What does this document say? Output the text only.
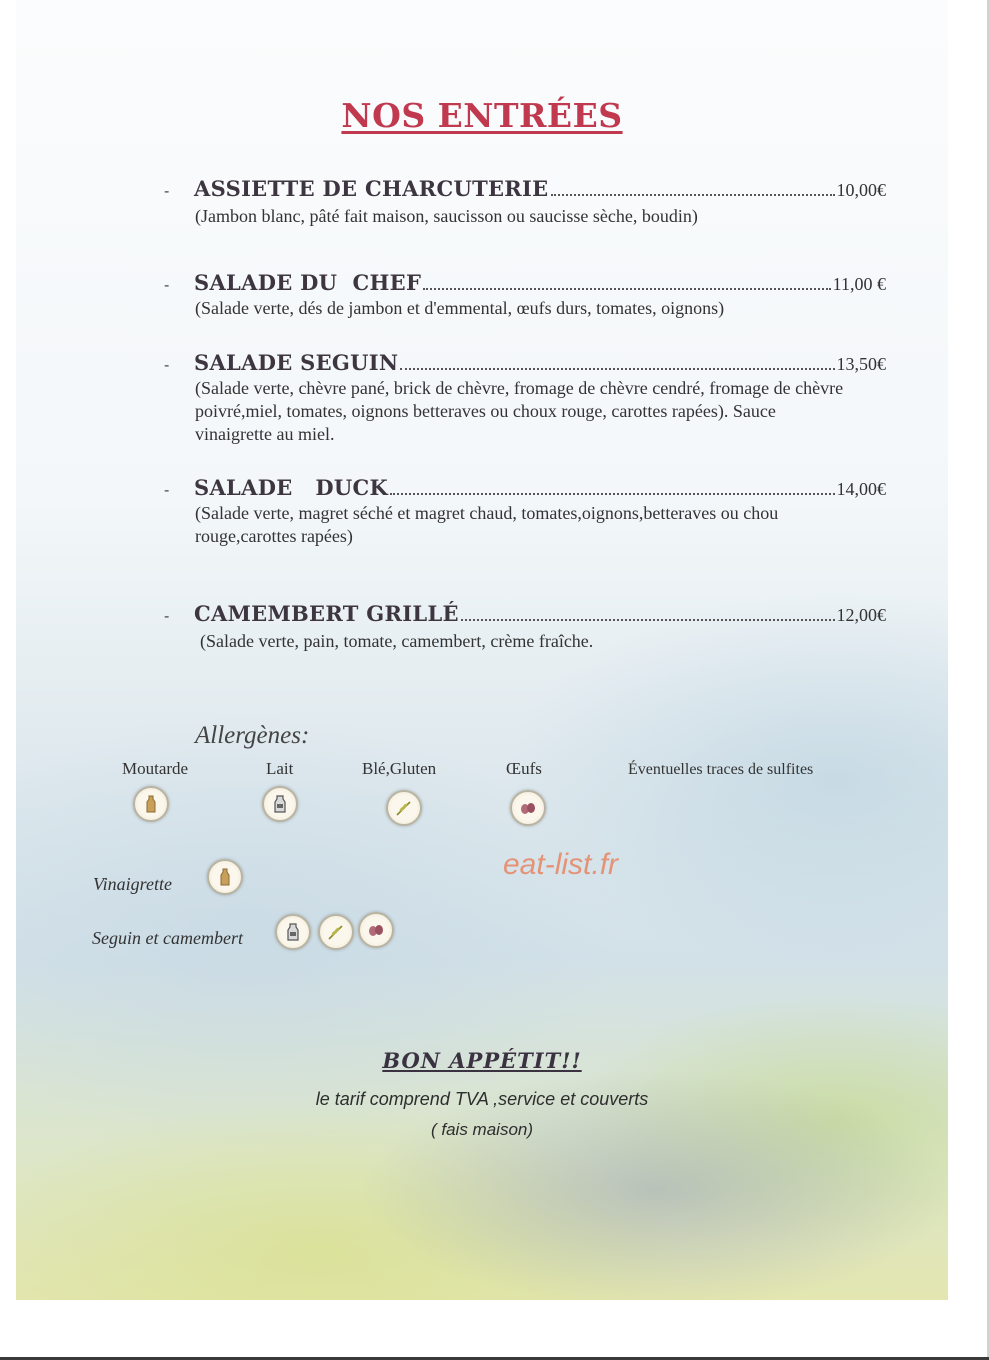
NOS ENTRÉES
-	ASSIETTE DE CHARCUTERIE	10,00€
(Jambon blanc, pâté fait maison, saucisson ou saucisse sèche, boudin)
-	SALADE DU  CHEF	11,00 €
(Salade verte, dés de jambon et d'emmental, œufs durs, tomates, oignons)
-	SALADE SEGUIN	13,50€
(Salade verte, chèvre pané, brick de chèvre, fromage de chèvre cendré, fromage de chèvre poivré,miel, tomates, oignons betteraves ou choux rouge, carottes rapées). Sauce vinaigrette au miel.
-	SALADE   DUCK	14,00€
(Salade verte, magret séché et magret chaud, tomates,oignons,betteraves ou chou rouge,carottes rapées)
-	CAMEMBERT GRILLÉ	12,00€
(Salade verte, pain, tomate, camembert, crème fraîche.
Allergènes:
Moutarde	Lait	Blé,Gluten	Œufs	Éventuelles traces de sulfites
Vinaigrette
Seguin et camembert
eat-list.fr
BON APPÉTIT!!
le tarif comprend TVA ,service et couverts
( fais maison)
